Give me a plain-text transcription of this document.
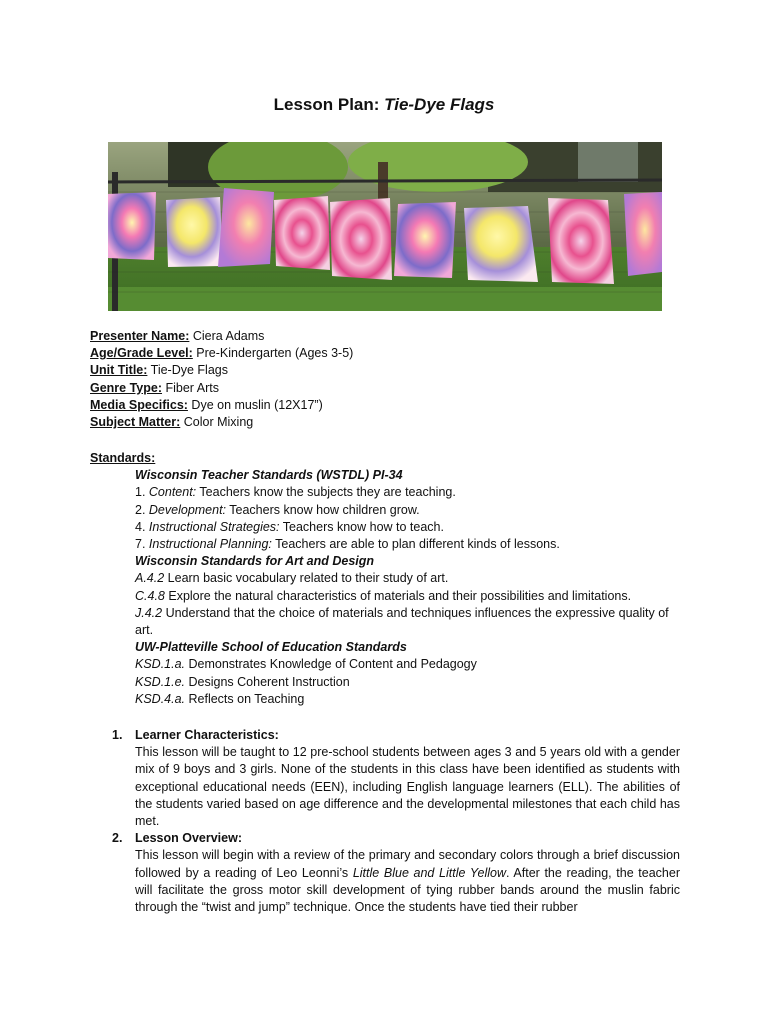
Lesson Plan: Tie-Dye Flags
Presenter Name: Ciera Adams
Age/Grade Level: Pre-Kindergarten (Ages 3-5)
Unit Title: Tie-Dye Flags
Genre Type: Fiber Arts
Media Specifics: Dye on muslin (12X17”)
Subject Matter: Color Mixing
Standards:
Wisconsin Teacher Standards (WSTDL) PI-34
1. Content: Teachers know the subjects they are teaching.
2. Development: Teachers know how children grow.
4. Instructional Strategies: Teachers know how to teach.
7. Instructional Planning: Teachers are able to plan different kinds of lessons.
Wisconsin Standards for Art and Design
A.4.2 Learn basic vocabulary related to their study of art.
C.4.8 Explore the natural characteristics of materials and their possibilities and limitations.
J.4.2 Understand that the choice of materials and techniques influences the expressive quality of art.
UW-Platteville School of Education Standards
KSD.1.a. Demonstrates Knowledge of Content and Pedagogy
KSD.1.e. Designs Coherent Instruction
KSD.4.a. Reflects on Teaching
1.	Learner Characteristics:
This lesson will be taught to 12 pre-school students between ages 3 and 5 years old with a gender mix of 9 boys and 3 girls. None of the students in this class have been identified as students with exceptional educational needs (EEN), including English language learners (ELL). The abilities of the students varied based on age difference and the developmental milestones that each child has met.
2.	Lesson Overview:
This lesson will begin with a review of the primary and secondary colors through a brief discussion followed by a reading of Leo Leonni’s Little Blue and Little Yellow. After the reading, the teacher will facilitate the gross motor skill development of tying rubber bands around the muslin fabric through the “twist and jump” technique. Once the students have tied their rubber
